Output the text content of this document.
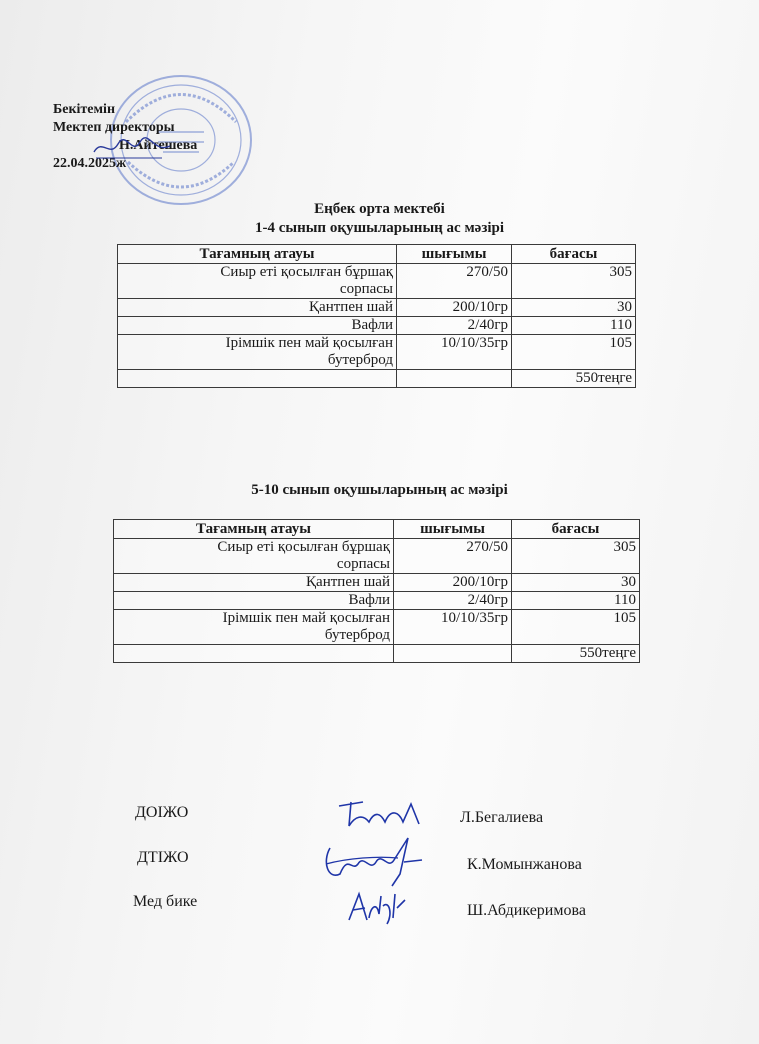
Бекітемін
Мектеп директоры
Н.Айтешева
22.04.2025ж
Еңбек орта мектебі
1-4 сынып оқушыларының ас мәзірі
Тағамның атауы	шығымы	бағасы
Сиыр еті қосылған бұршақ
сорпасы	270/50	305
Қантпен шай	200/10гр	30
Вафли	2/40гр	110
Ірімшік пен май қосылған
бутерброд	10/10/35гр	105
		550теңге
5-10 сынып оқушыларының ас мәзірі
Тағамның атауы	шығымы	бағасы
Сиыр еті қосылған бұршақ
сорпасы	270/50	305
Қантпен шай	200/10гр	30
Вафли	2/40гр	110
Ірімшік пен май қосылған
бутерброд	10/10/35гр	105
		550теңге
ДОІЖО	Л.Бегалиева
ДТІЖО	К.Момынжанова
Мед бике
Ш.Абдикеримова
